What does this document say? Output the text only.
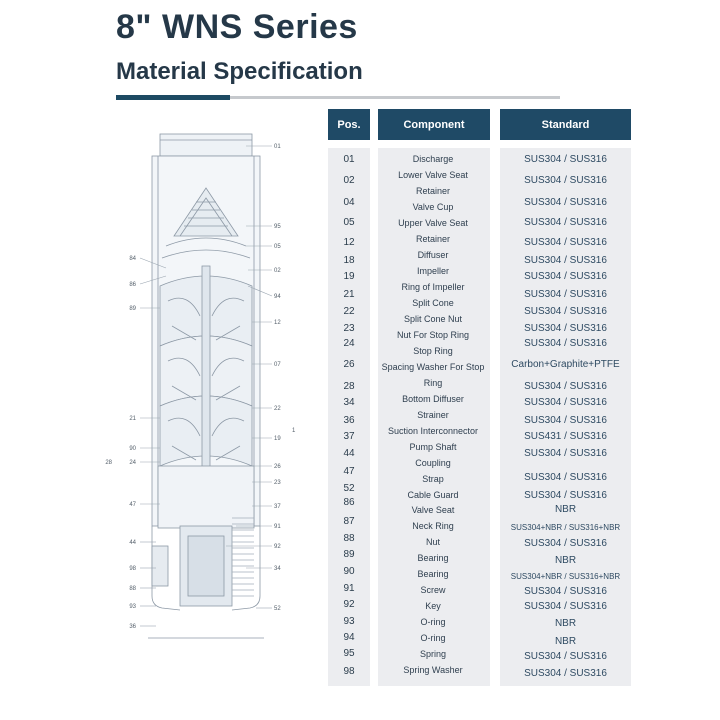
8" WNS Series
Material Specification
01
95
05
02
94
12
07
22
19
26
23
37
91
92
34
52
1
84
86
89
21
90
24
47
44
98
88
93
36
28
Pos.	Component	Standard
01
02
04
05
12
18
19
21
22
23
24
26
28
34
36
37
44
47
52
86
87
88
89
90
91
92
93
94
95
98
Discharge
Lower Valve Seat
Retainer
Valve Cup
Upper Valve Seat
Retainer
Diffuser
Impeller
Ring of Impeller
Split Cone
Split Cone Nut
Nut For Stop Ring
Stop Ring
Spacing Washer For Stop
Ring
Bottom Diffuser
Strainer
Suction Interconnector
Pump Shaft
Coupling
Strap
Cable Guard
Valve Seat
Neck Ring
Nut
Bearing
Bearing
Screw
Key
O-ring
O-ring
Spring
Spring Washer
SUS304 / SUS316
SUS304 / SUS316
SUS304 / SUS316
SUS304 / SUS316
SUS304 / SUS316
SUS304 / SUS316
SUS304 / SUS316
SUS304 / SUS316
SUS304 / SUS316
SUS304 / SUS316
SUS304 / SUS316
Carbon+Graphite+PTFE
SUS304 / SUS316
SUS304 / SUS316
SUS304 / SUS316
SUS431 / SUS316
SUS304 / SUS316
SUS304 / SUS316
SUS304 / SUS316
NBR
SUS304+NBR / SUS316+NBR
SUS304 / SUS316
NBR
SUS304+NBR / SUS316+NBR
SUS304 / SUS316
SUS304 / SUS316
NBR
NBR
SUS304 / SUS316
SUS304 / SUS316
